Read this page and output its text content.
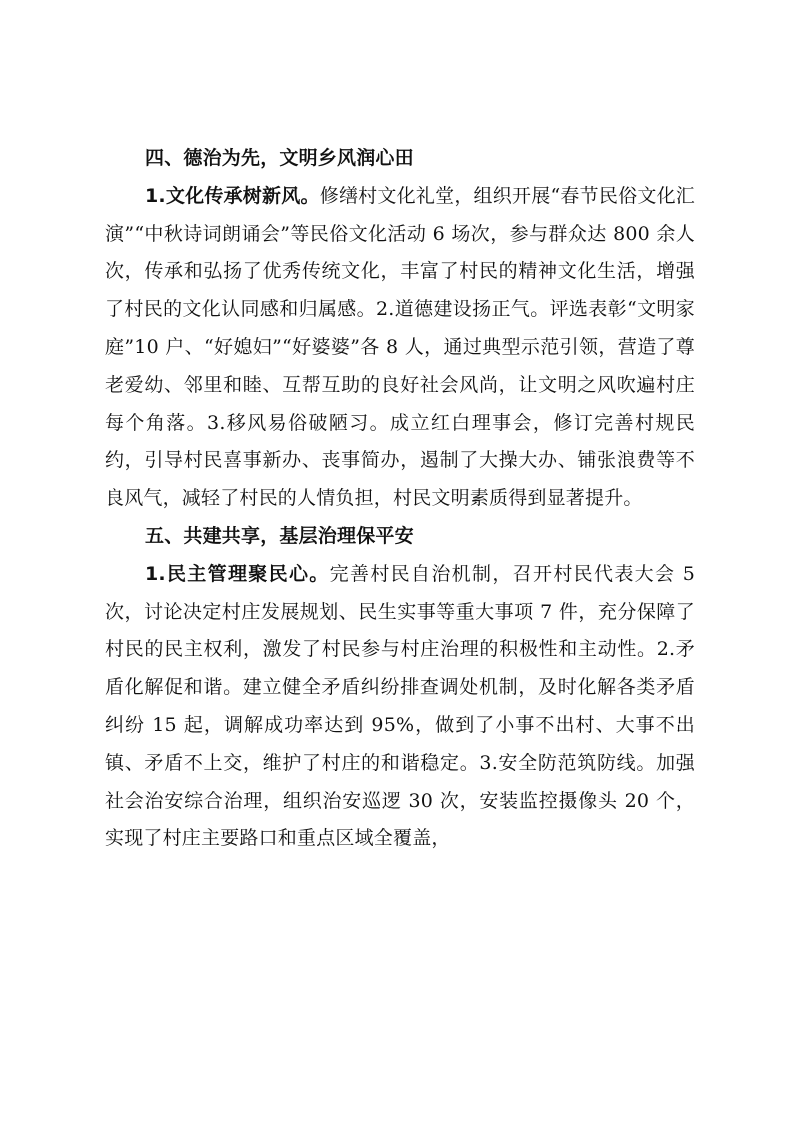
四、德治为先，文明乡风润心田

1.文化传承树新风。修缮村文化礼堂，组织开展“春节民俗文化汇演”“中秋诗词朗诵会”等民俗文化活动 6 场次，参与群众达 800 余人次，传承和弘扬了优秀传统文化，丰富了村民的精神文化生活，增强了村民的文化认同感和归属感。2.道德建设扬正气。评选表彰“文明家庭”10 户、“好媳妇”“好婆婆”各 8 人，通过典型示范引领，营造了尊老爱幼、邻里和睦、互帮互助的良好社会风尚，让文明之风吹遍村庄每个角落。3.移风易俗破陋习。成立红白理事会，修订完善村规民约，引导村民喜事新办、丧事简办，遏制了大操大办、铺张浪费等不良风气，减轻了村民的人情负担，村民文明素质得到显著提升。

五、共建共享，基层治理保平安

1.民主管理聚民心。完善村民自治机制，召开村民代表大会 5 次，讨论决定村庄发展规划、民生实事等重大事项 7 件，充分保障了村民的民主权利，激发了村民参与村庄治理的积极性和主动性。2.矛盾化解促和谐。建立健全矛盾纠纷排查调处机制，及时化解各类矛盾纠纷 15 起，调解成功率达到 95%，做到了小事不出村、大事不出镇、矛盾不上交，维护了村庄的和谐稳定。3.安全防范筑防线。加强社会治安综合治理，组织治安巡逻 30 次，安装监控摄像头 20 个，实现了村庄主要路口和重点区域全覆盖，
